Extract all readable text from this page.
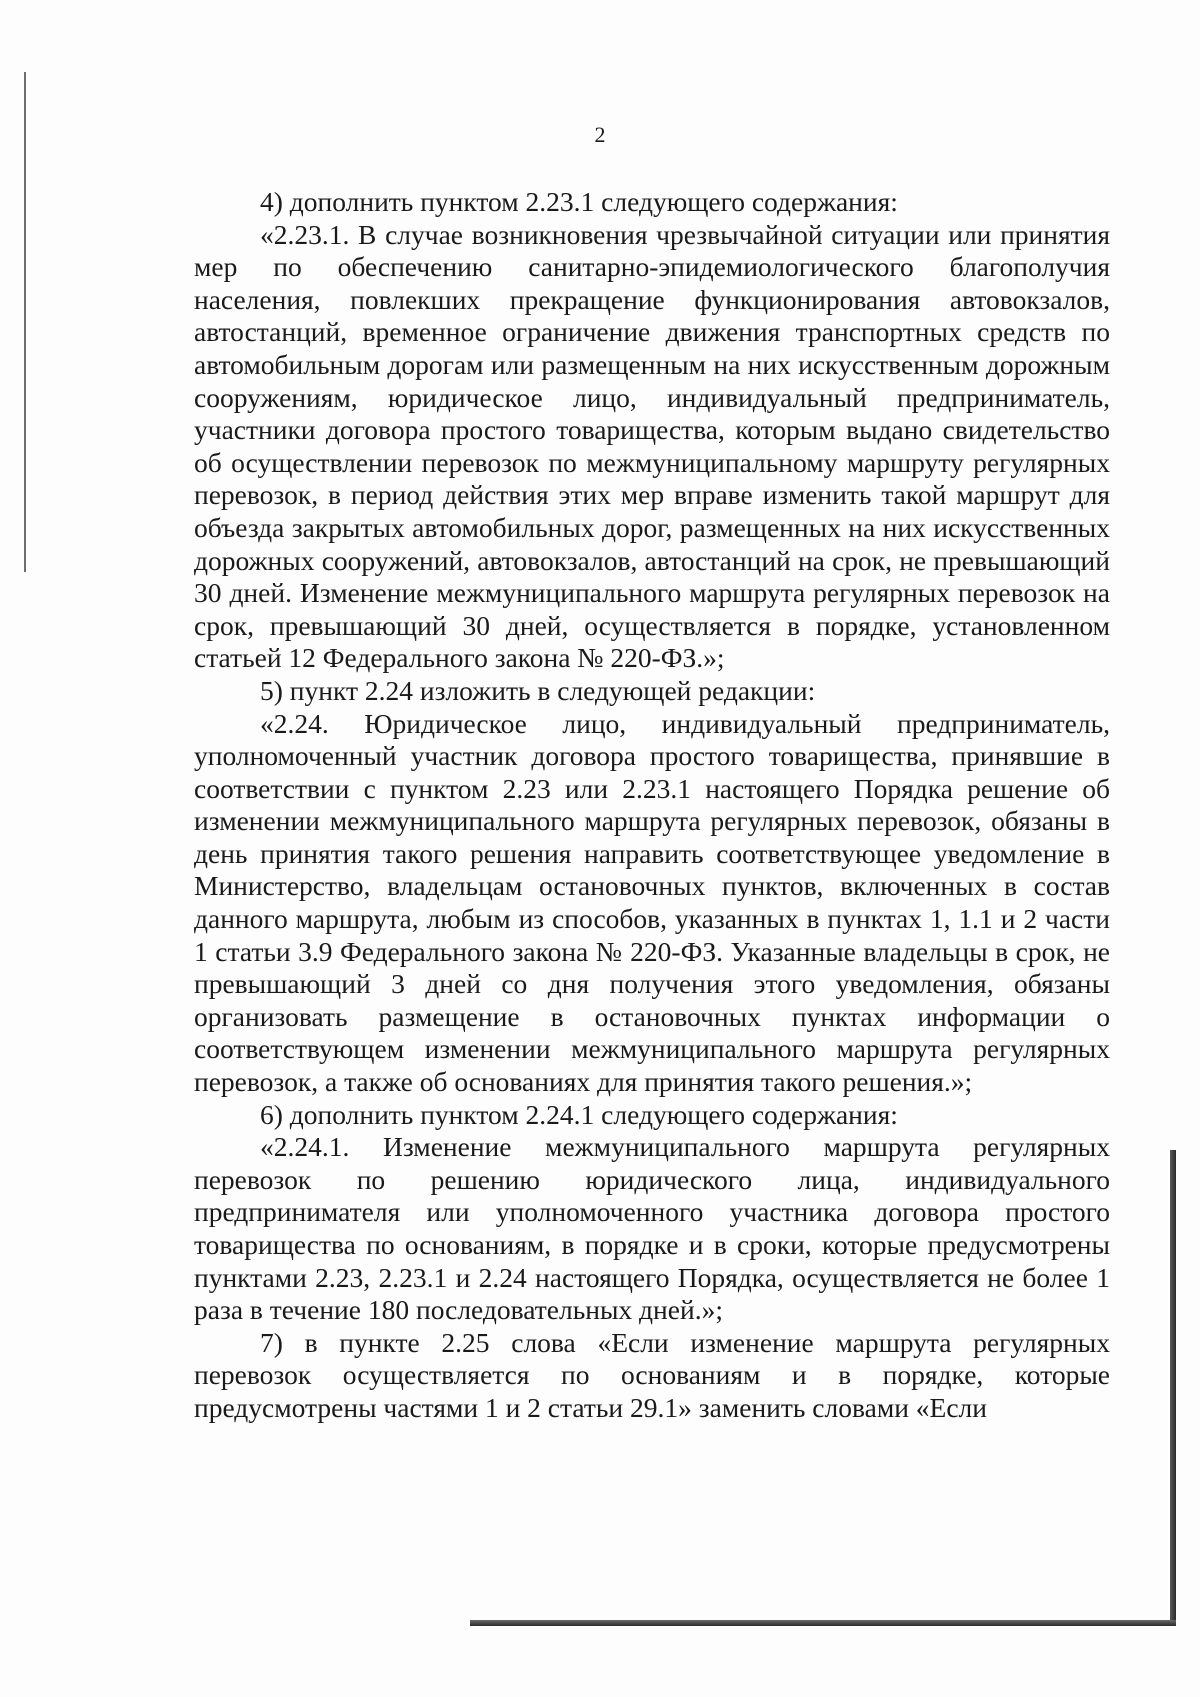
2

4) дополнить пунктом 2.23.1 следующего содержания:

«2.23.1. В случае возникновения чрезвычайной ситуации или принятия мер по обеспечению санитарно-эпидемиологического благополучия населения, повлекших прекращение функционирования автовокзалов, автостанций, временное ограничение движения транспортных средств по автомобильным дорогам или размещенным на них искусственным дорожным сооружениям, юридическое лицо, индивидуальный предприниматель, участники договора простого товарищества, которым выдано свидетельство об осуществлении перевозок по межмуниципальному маршруту регулярных перевозок, в период действия этих мер вправе изменить такой маршрут для объезда закрытых автомобильных дорог, размещенных на них искусственных дорожных сооружений, автовокзалов, автостанций на срок, не превышающий 30 дней. Изменение межмуниципального маршрута регулярных перевозок на срок, превышающий 30 дней, осуществляется в порядке, установленном статьей 12 Федерального закона № 220-ФЗ.»;

5) пункт 2.24 изложить в следующей редакции:

«2.24. Юридическое лицо, индивидуальный предприниматель, уполномоченный участник договора простого товарищества, принявшие в соответствии с пунктом 2.23 или 2.23.1 настоящего Порядка решение об изменении межмуниципального маршрута регулярных перевозок, обязаны в день принятия такого решения направить соответствующее уведомление в Министерство, владельцам остановочных пунктов, включенных в состав данного маршрута, любым из способов, указанных в пунктах 1, 1.1 и 2 части 1 статьи 3.9 Федерального закона № 220-ФЗ. Указанные владельцы в срок, не превышающий 3 дней со дня получения этого уведомления, обязаны организовать размещение в остановочных пунктах информации о соответствующем изменении межмуниципального маршрута регулярных перевозок, а также об основаниях для принятия такого решения.»;

6) дополнить пунктом 2.24.1 следующего содержания:

«2.24.1. Изменение межмуниципального маршрута регулярных перевозок по решению юридического лица, индивидуального предпринимателя или уполномоченного участника договора простого товарищества по основаниям, в порядке и в сроки, которые предусмотрены пунктами 2.23, 2.23.1 и 2.24 настоящего Порядка, осуществляется не более 1 раза в течение 180 последовательных дней.»;

7) в пункте 2.25 слова «Если изменение маршрута регулярных перевозок осуществляется по основаниям и в порядке, которые предусмотрены частями 1 и 2 статьи 29.1» заменить словами «Если
